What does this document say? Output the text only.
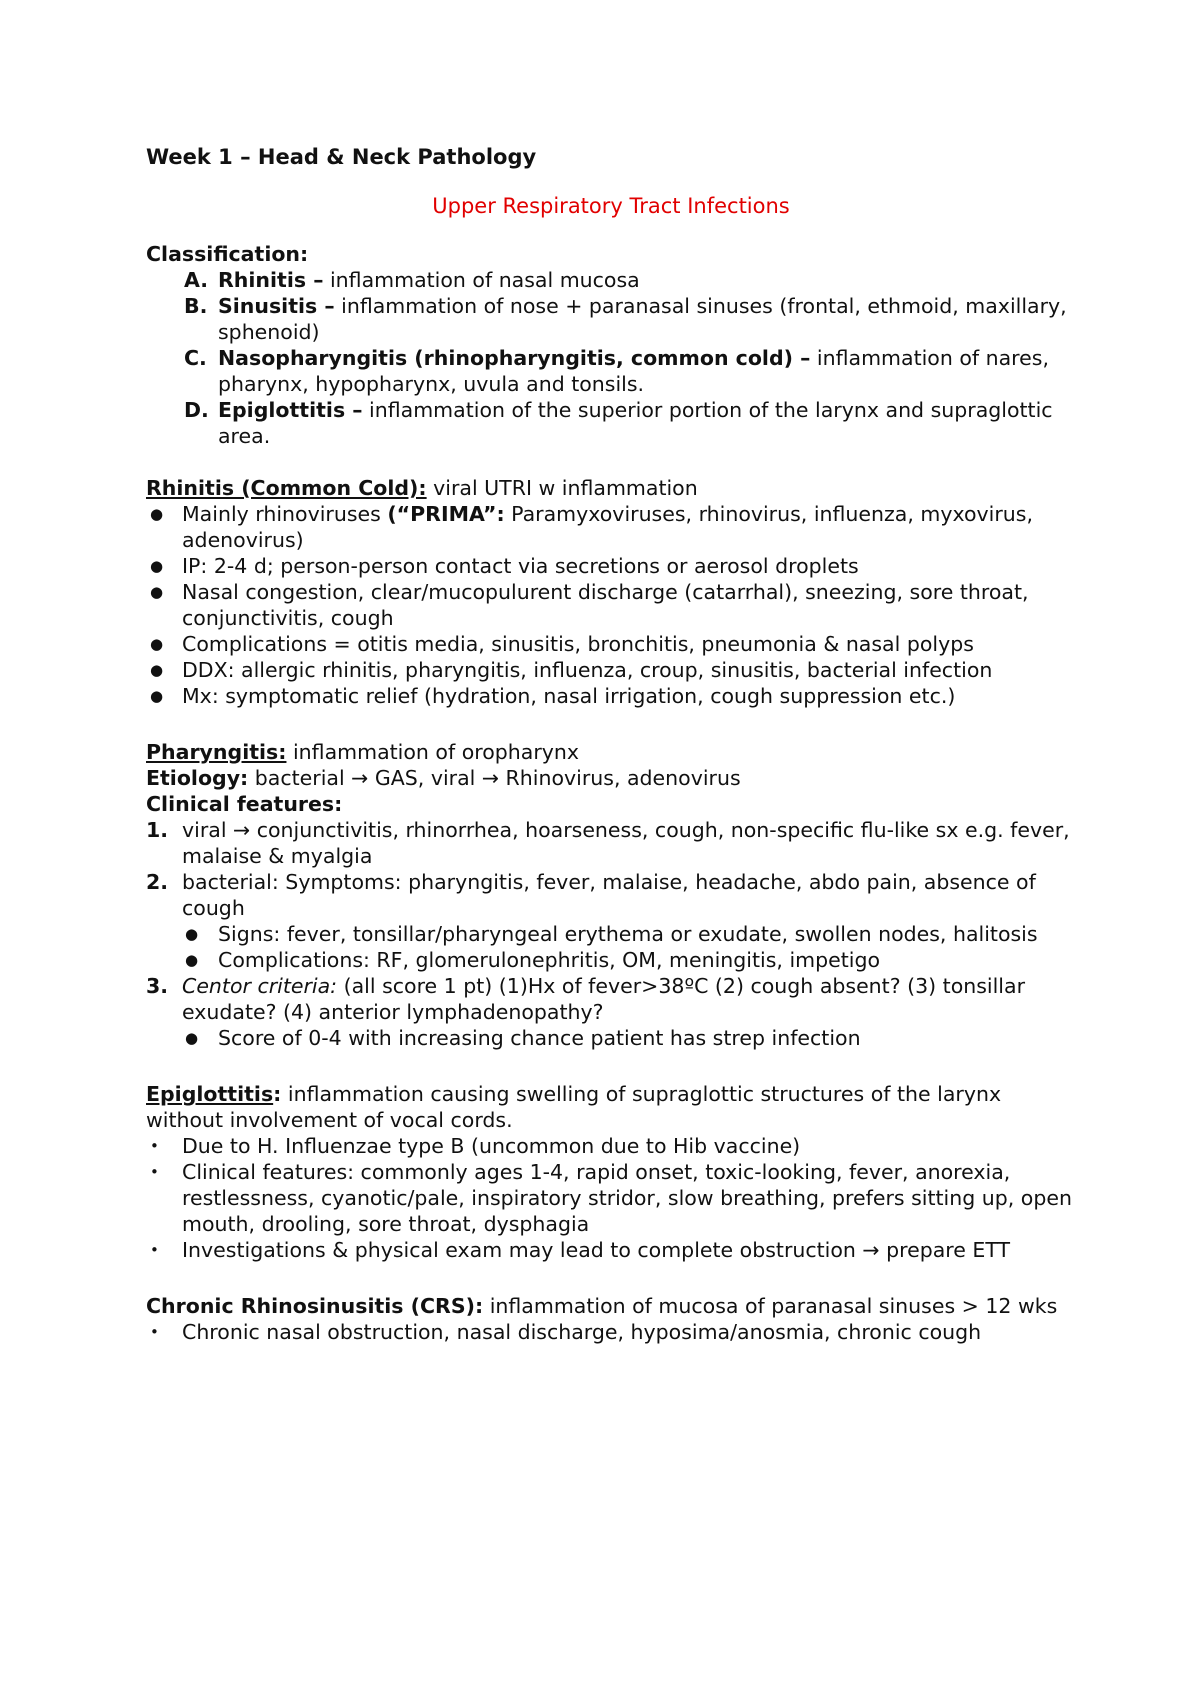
Week 1 – Head & Neck Pathology

Upper Respiratory Tract Infections

Classification:
A. Rhinitis – inflammation of nasal mucosa
B. Sinusitis – inflammation of nose + paranasal sinuses (frontal, ethmoid, maxillary, sphenoid)
C. Nasopharyngitis (rhinopharyngitis, common cold) – inflammation of nares, pharynx, hypopharynx, uvula and tonsils.
D. Epiglottitis – inflammation of the superior portion of the larynx and supraglottic area.
Rhinitis (Common Cold): viral UTRI w inflammation
● Mainly rhinoviruses (“PRIMA”: Paramyxoviruses, rhinovirus, influenza, myxovirus, adenovirus)
● IP: 2-4 d; person-person contact via secretions or aerosol droplets
● Nasal congestion, clear/mucopulurent discharge (catarrhal), sneezing, sore throat, conjunctivitis, cough
● Complications = otitis media, sinusitis, bronchitis, pneumonia & nasal polyps
● DDX: allergic rhinitis, pharyngitis, influenza, croup, sinusitis, bacterial infection
● Mx: symptomatic relief (hydration, nasal irrigation, cough suppression etc.)
Pharyngitis: inflammation of oropharynx
Etiology: bacterial → GAS, viral → Rhinovirus, adenovirus
Clinical features:
1. viral → conjunctivitis, rhinorrhea, hoarseness, cough, non-specific flu-like sx e.g. fever, malaise & myalgia
2. bacterial: Symptoms: pharyngitis, fever, malaise, headache, abdo pain, absence of cough
● Signs: fever, tonsillar/pharyngeal erythema or exudate, swollen nodes, halitosis
● Complications: RF, glomerulonephritis, OM, meningitis, impetigo
3. Centor criteria: (all score 1 pt) (1)Hx of fever>38ºC (2) cough absent? (3) tonsillar exudate? (4) anterior lymphadenopathy?
● Score of 0-4 with increasing chance patient has strep infection
Epiglottitis: inflammation causing swelling of supraglottic structures of the larynx without involvement of vocal cords.
• Due to H. Influenzae type B (uncommon due to Hib vaccine)
• Clinical features: commonly ages 1-4, rapid onset, toxic-looking, fever, anorexia, restlessness, cyanotic/pale, inspiratory stridor, slow breathing, prefers sitting up, open mouth, drooling, sore throat, dysphagia
• Investigations & physical exam may lead to complete obstruction → prepare ETT
Chronic Rhinosinusitis (CRS): inflammation of mucosa of paranasal sinuses > 12 wks
• Chronic nasal obstruction, nasal discharge, hyposima/anosmia, chronic cough
